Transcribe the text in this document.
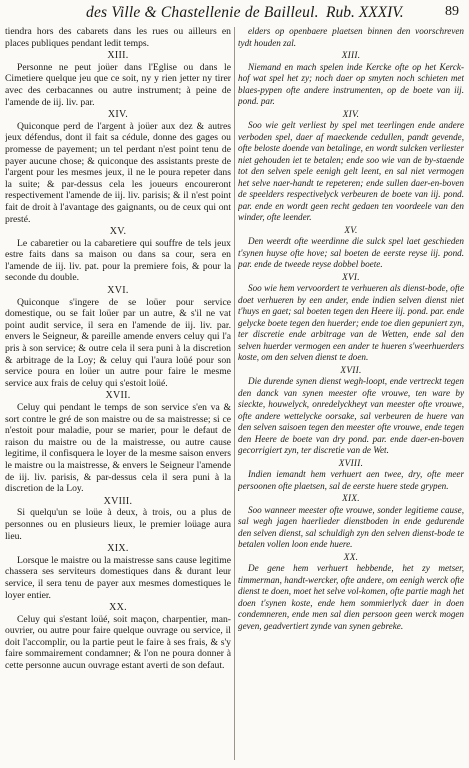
des Ville & Chastellenie de Bailleul. Rub. XXXIV.	89

tiendra hors des cabarets dans les rues ou ailleurs en places publiques pendant ledit temps.

XIII.

Personne ne peut joüer dans l'Eglise ou dans le Cimetiere quelque jeu que ce soit, ny y rien jetter ny tirer avec des cerbacannes ou autre instrument; à peine de l'amende de iij. liv. par.

XIV.

Quiconque perd de l'argent à joüer aux dez & autres jeux défendus, dont il fait sa cédule, donne des gages ou promesse de payement; un tel perdant n'est point tenu de payer aucune chose; & quiconque des assistants preste de l'argent pour les mesmes jeux, il ne le poura repeter dans la suite; & par-dessus cela les joueurs encoureront respectivement l'amende de iij. liv. parisis; & il n'est point fait de droit à l'avantage des gaignants, ou de ceux qui ont presté.

XV.

Le cabaretier ou la cabaretiere qui souffre de tels jeux estre faits dans sa maison ou dans sa cour, sera en l'amende de iij. liv. pat. pour la premiere fois, & pour la seconde du double.

XVI.

Quiconque s'ingere de se loüer pour service domestique, ou se fait loüer par un autre, & s'il ne vat point audit service, il sera en l'amende de iij. liv. par. envers le Seigneur, & pareille amende envers celuy qui l'a pris à son service; & outre cela il sera puni à la discretion & arbitrage de la Loy; & celuy qui l'aura loüé pour son service poura en loüer un autre pour faire le mesme service aux frais de celuy qui s'estoit loüé.

XVII.

Celuy qui pendant le temps de son service s'en va & sort contre le gré de son maistre ou de sa maistresse; si ce n'estoit pour maladie, pour se marier, pour le defaut de raison du maistre ou de la maistresse, ou autre cause legitime, il confisquera le loyer de la mesme saison envers le maistre ou la maistresse, & envers le Seigneur l'amende de iij. liv. parisis, & par-dessus cela il sera puni à la discretion de la Loy.

XVIII.

Si quelqu'un se loüe à deux, à trois, ou a plus de personnes ou en plusieurs lieux, le premier loüage aura lieu.

XIX.

Lorsque le maistre ou la maistresse sans cause legitime chassera ses serviteurs domestiques dans & durant leur service, il sera tenu de payer aux mesmes domestiques le loyer entier.

XX.

Celuy qui s'estant loüé, soit maçon, charpentier, man-ouvrier, ou autre pour faire quelque ouvrage ou service, il doit l'accomplir, ou la partie peut le faire à ses frais, & s'y faire sommairement condamner; & l'on ne poura donner à cette personne aucun ouvrage estant averti de son defaut.

elders op openbaere plaetsen binnen den voorschreven tydt houden zal.

XIII.

Niemand en mach spelen inde Kercke ofte op het Kerck-hof wat spel het zy; noch daer op smyten noch schieten met blaes-pypen ofte andere instrumenten, op de boete van iij. pond. par.

XIV.

Soo wie gelt verliest by spel met teerlingen ende andere verboden spel, daer af maeckende cedullen, pandt gevende, ofte beloste doende van betalinge, en wordt sulcken verliester niet gehouden iet te betalen; ende soo wie van de by-staende tot den selven spele eenigh gelt leent, en sal niet vermogen het selve naer-handt te repeteren; ende sullen daer-en-boven de speelders respectivelyck verbeuren de boete van iij. pond. par. ende en wordt geen recht gedaen ten voordeele van den winder, ofte leender.

XV.

Den weerdt ofte weerdinne die sulck spel laet geschieden t'synen huyse ofte hove; sal boeten de eerste reyse iij. pond. par. ende de tweede reyse dobbel boete.

XVI.

Soo wie hem vervoordert te verhueren als dienst-bode, ofte doet verhueren by een ander, ende indien selven dienst niet t'huys en gaet; sal boeten tegen den Heere iij. pond. par. ende gelycke boete tegen den huerder; ende toe dien gepuniert zyn, ter discretie ende arbitrage van de Wetten, ende sal den selven huerder vermogen een ander te hueren s'weerhuerders koste, om den selven dienst te doen.

XVII.

Die durende synen dienst wegh-loopt, ende vertreckt tegen den danck van synen meester ofte vrouwe, ten ware by sieckte, houwelyck, onredelyckheyt van meester ofte vrouwe, ofte andere wettelycke oorsake, sal verbeuren de huere van den selven saisoen tegen den meester ofte vrouwe, ende tegen den Heere de boete van dry pond. par. ende daer-en-boven gecorrigiert zyn, ter discretie van de Wet.

XVIII.

Indien iemandt hem verhuert aen twee, dry, ofte meer persoonen ofte plaetsen, sal de eerste huere stede grypen.

XIX.

Soo wanneer meester ofte vrouwe, sonder legitieme cause, sal wegh jagen haerlieder dienstboden in ende gedurende den selven dienst, sal schuldigh zyn den selven dienst-bode te betalen vollen loon ende huere.

XX.

De gene hem verhuert hebbende, het zy metser, timmerman, handt-wercker, ofte andere, om eenigh werck ofte dienst te doen, moet het selve vol-komen, ofte partie magh het doen t'synen koste, ende hem sommierlyck daer in doen condemneren, ende men sal dien persoon geen werck mogen geven, geadvertiert zynde van synen gebreke.
